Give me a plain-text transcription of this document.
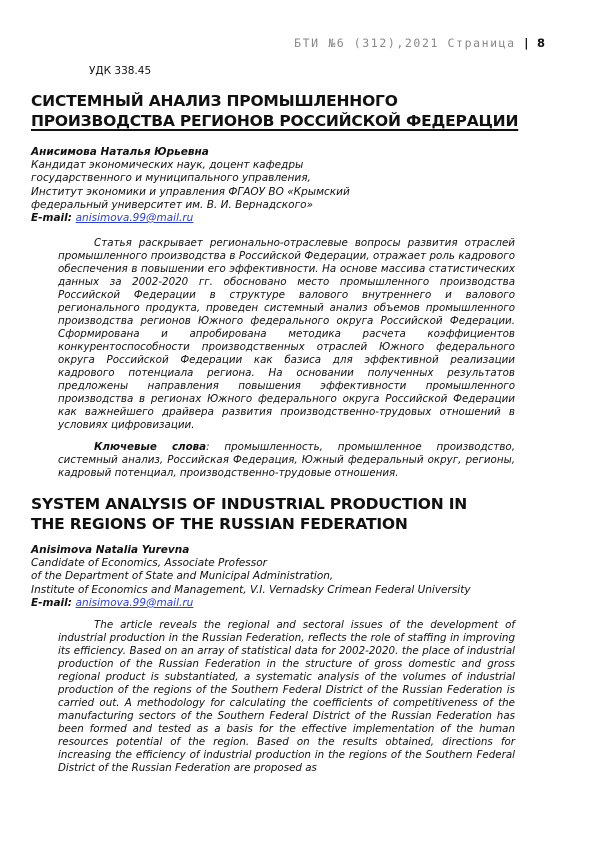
БТИ №6 (312),2021 Страница | 8
УДК 338.45
СИСТЕМНЫЙ АНАЛИЗ ПРОМЫШЛЕННОГО
ПРОИЗВОДСТВА РЕГИОНОВ РОССИЙСКОЙ ФЕДЕРАЦИИ
Анисимова Наталья Юрьевна
Кандидат экономических наук, доцент кафедры
государственного и муниципального управления,
Институт экономики и управления ФГАОУ ВО «Крымский
федеральный университет им. В. И. Вернадского»
E-mail: anisimova.99@mail.ru

Статья раскрывает регионально-отраслевые вопросы развития отраслей промышленного производства в Российской Федерации, отражает роль кадрового обеспечения в повышении его эффективности. На основе массива статистических данных за 2002-2020 гг. обосновано место промышленного производства Российской Федерации в структуре валового внутреннего и валового регионального продукта, проведен системный анализ объемов промышленного производства регионов Южного федерального округа Российской Федерации. Сформирована и апробирована методика расчета коэффициентов конкурентоспособности производственных отраслей Южного федерального округа Российской Федерации как базиса для эффективной реализации кадрового потенциала региона. На основании полученных результатов предложены направления повышения эффективности промышленного производства в регионах Южного федерального округа Российской Федерации как важнейшего драйвера развития производственно-трудовых отношений в условиях цифровизации.

Ключевые слова: промышленность, промышленное производство, системный анализ, Российская Федерация, Южный федеральный округ, регионы, кадровый потенциал, производственно-трудовые отношения.

SYSTEM ANALYSIS OF INDUSTRIAL PRODUCTION IN
THE REGIONS OF THE RUSSIAN FEDERATION
Anisimova Natalia Yurevna
Candidate of Economics, Associate Professor
of the Department of State and Municipal Administration,
Institute of Economics and Management, V.I. Vernadsky Crimean Federal University
E-mail: anisimova.99@mail.ru

The article reveals the regional and sectoral issues of the development of industrial production in the Russian Federation, reflects the role of staffing in improving its efficiency. Based on an array of statistical data for 2002-2020. the place of industrial production of the Russian Federation in the structure of gross domestic and gross regional product is substantiated, a systematic analysis of the volumes of industrial production of the regions of the Southern Federal District of the Russian Federation is carried out. A methodology for calculating the coefficients of competitiveness of the manufacturing sectors of the Southern Federal District of the Russian Federation has been formed and tested as a basis for the effective implementation of the human resources potential of the region. Based on the results obtained, directions for increasing the efficiency of industrial production in the regions of the Southern Federal District of the Russian Federation are proposed as
